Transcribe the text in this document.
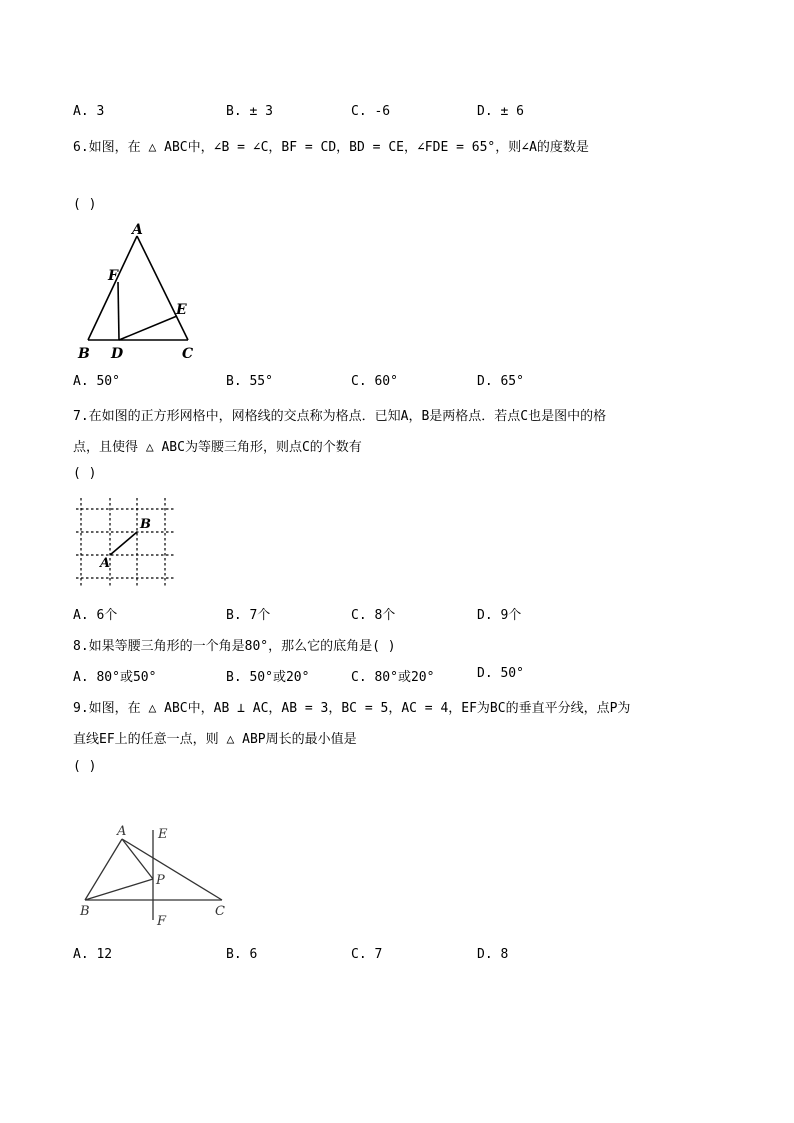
A. 3	B. ± 3	C. -6	D. ± 6
6.如图，在 △ ABC中，∠B = ∠C，BF = CD，BD = CE，∠FDE = 65°，则∠A的度数是
( )
A
B	C
D
E
F
A. 50°	B. 55°	C. 60°	D. 65°
7.在如图的正方形网格中，网格线的交点称为格点．已知A，B是两格点．若点C也是图中的格
点，且使得 △ ABC为等腰三角形，则点C的个数有
( )
B
A
A. 6个	B. 7个	C. 8个	D. 9个
8.如果等腰三角形的一个角是80°，那么它的底角是( )
A. 80°或50°	B. 50°或20°	C. 80°或20°	D. 50°
9.如图，在 △ ABC中，AB ⊥ AC，AB = 3，BC = 5，AC = 4，EF为BC的垂直平分线，点P为
直线EF上的任意一点，则 △ ABP周长的最小值是
( )
A
B	C
E
F
P
A. 12	B. 6	C. 7	D. 8
